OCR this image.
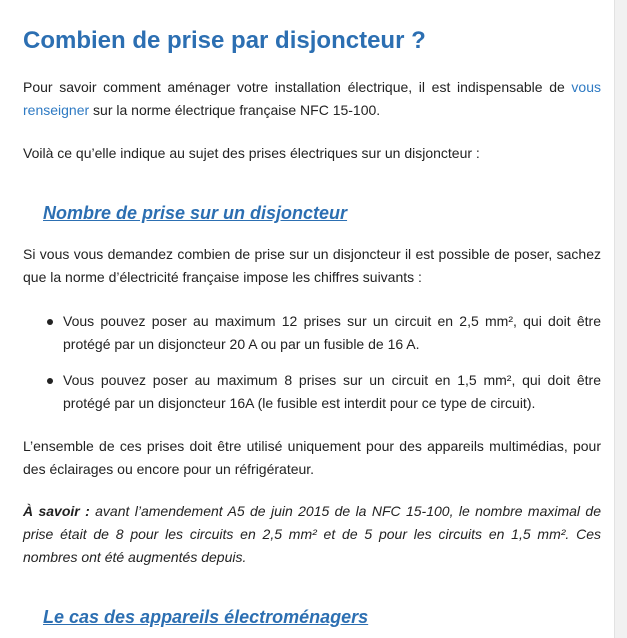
Combien de prise par disjoncteur ?

Pour savoir comment aménager votre installation électrique, il est indispensable de vous renseigner sur la norme électrique française NFC 15-100.

Voilà ce qu’elle indique au sujet des prises électriques sur un disjoncteur :

Nombre de prise sur un disjoncteur

Si vous vous demandez combien de prise sur un disjoncteur il est possible de poser, sachez que la norme d’électricité française impose les chiffres suivants :

Vous pouvez poser au maximum 12 prises sur un circuit en 2,5 mm², qui doit être protégé par un disjoncteur 20 A ou par un fusible de 16 A.
Vous pouvez poser au maximum 8 prises sur un circuit en 1,5 mm², qui doit être protégé par un disjoncteur 16A (le fusible est interdit pour ce type de circuit).

L’ensemble de ces prises doit être utilisé uniquement pour des appareils multimédias, pour des éclairages ou encore pour un réfrigérateur.

À savoir : avant l’amendement A5 de juin 2015 de la NFC 15-100, le nombre maximal de prise était de 8 pour les circuits en 2,5 mm² et de 5 pour les circuits en 1,5 mm². Ces nombres ont été augmentés depuis.

Le cas des appareils électroménagers
